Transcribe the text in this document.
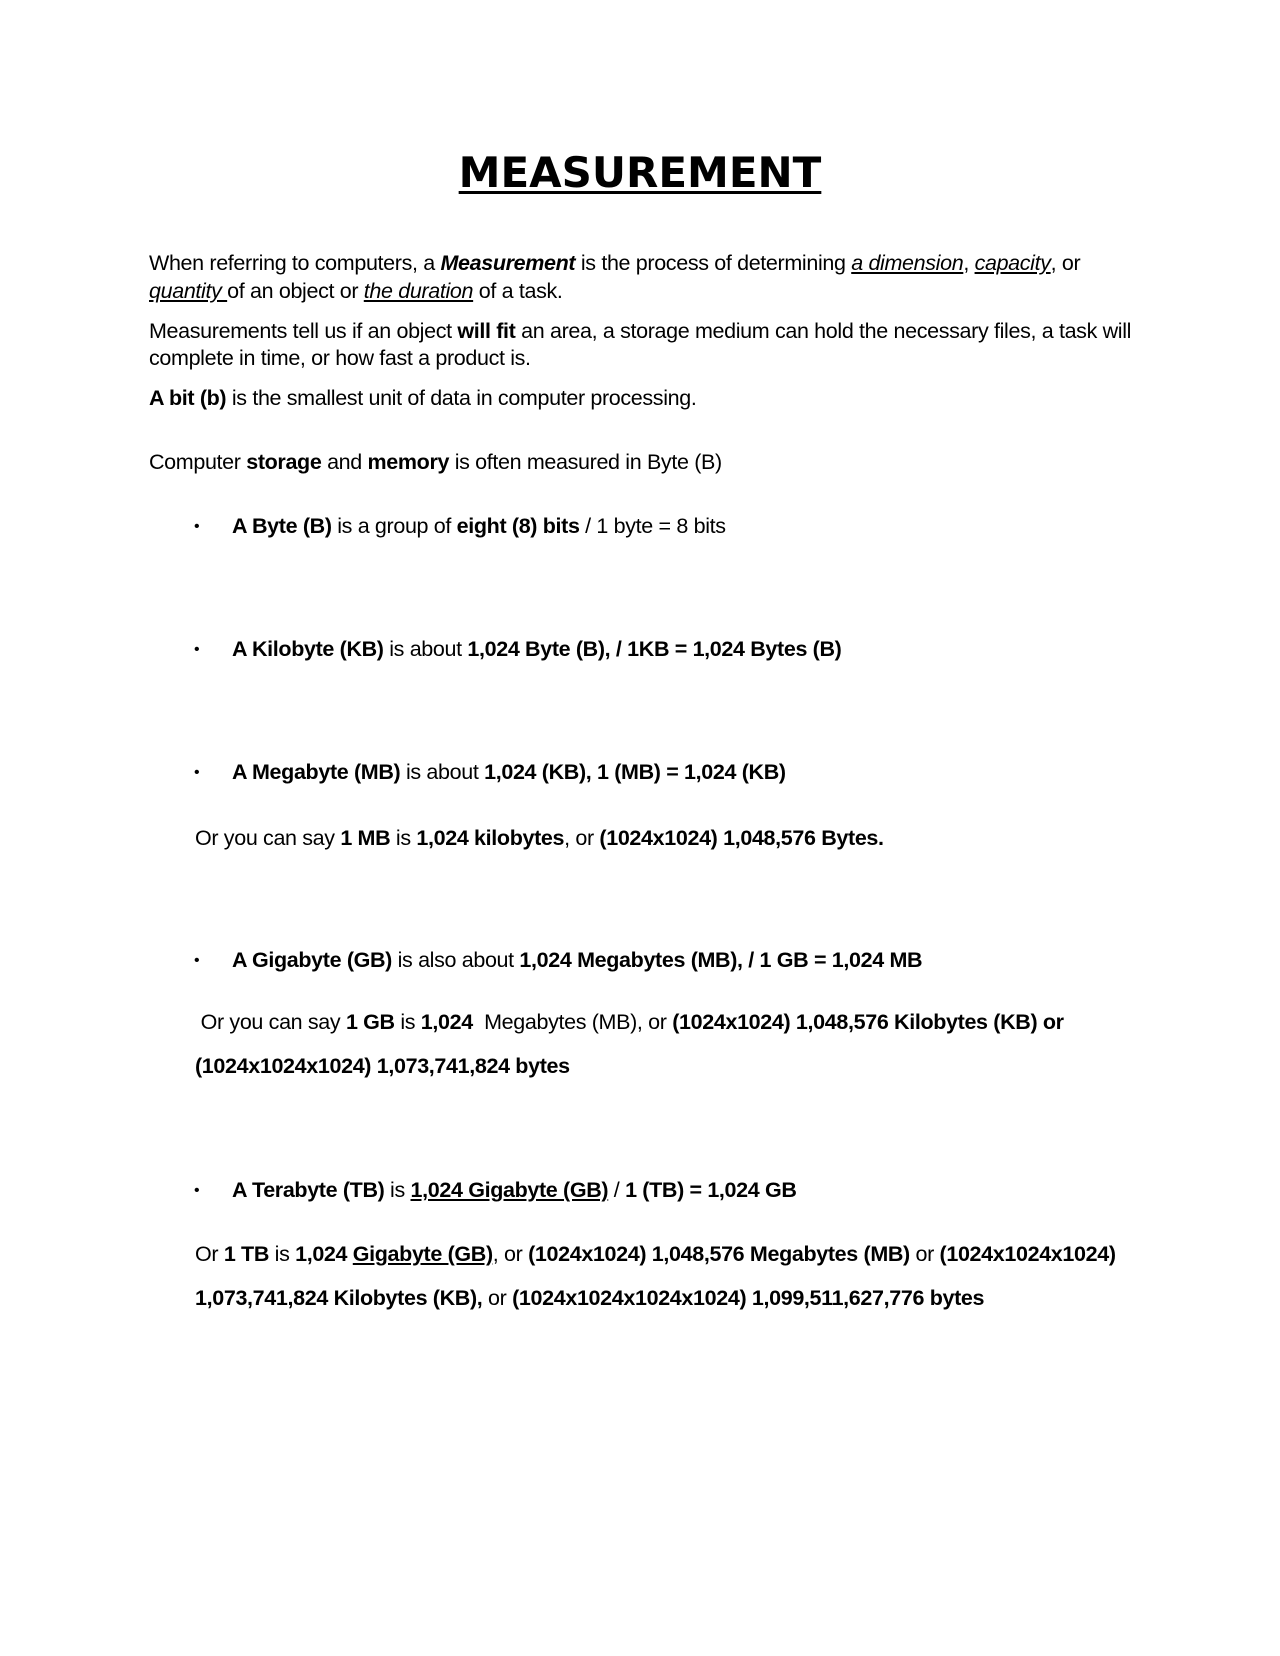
MEASUREMENT
When referring to computers, a Measurement is the process of determining a dimension, capacity, or
quantity of an object or the duration of a task.
Measurements tell us if an object will fit an area, a storage medium can hold the necessary files, a task will
complete in time, or how fast a product is.
A bit (b) is the smallest unit of data in computer processing.
Computer storage and memory is often measured in Byte (B)
• A Byte (B) is a group of eight (8) bits / 1 byte = 8 bits
• A Kilobyte (KB) is about 1,024 Byte (B), / 1KB = 1,024 Bytes (B)
• A Megabyte (MB) is about 1,024 (KB), 1 (MB) = 1,024 (KB)
Or you can say 1 MB is 1,024 kilobytes, or (1024x1024) 1,048,576 Bytes.
• A Gigabyte (GB) is also about 1,024 Megabytes (MB), / 1 GB = 1,024 MB
Or you can say 1 GB is 1,024  Megabytes (MB), or (1024x1024) 1,048,576 Kilobytes (KB) or
(1024x1024x1024) 1,073,741,824 bytes
• A Terabyte (TB) is 1,024 Gigabyte (GB) / 1 (TB) = 1,024 GB
Or 1 TB is 1,024 Gigabyte (GB), or (1024x1024) 1,048,576 Megabytes (MB) or (1024x1024x1024)
1,073,741,824 Kilobytes (KB), or (1024x1024x1024x1024) 1,099,511,627,776 bytes
